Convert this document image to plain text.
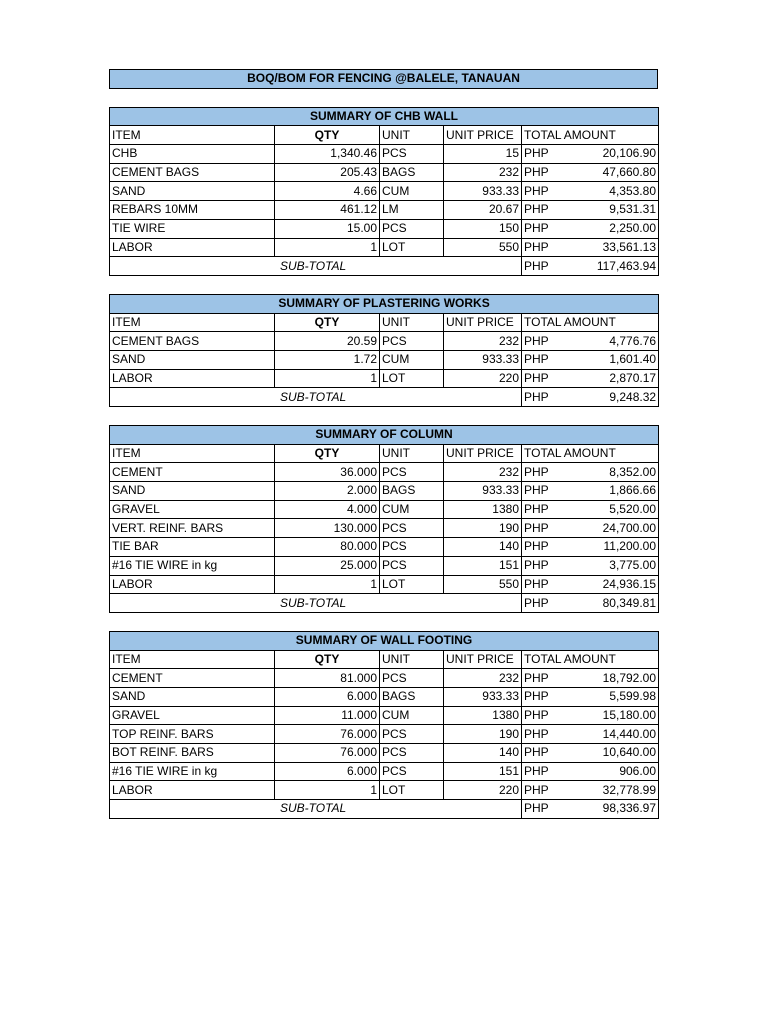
BOQ/BOM FOR FENCING @BALELE, TANAUAN
SUMMARY OF CHB WALL					
ITEM	QTY	UNIT	UNIT PRICE	TOTAL AMOUNT	
CHB	1,340.46	PCS	15	PHP	20,106.90
CEMENT BAGS	205.43	BAGS	232	PHP	47,660.80
SAND	4.66	CUM	933.33	PHP	4,353.80
REBARS 10MM	461.12	LM	20.67	PHP	9,531.31
TIE WIRE	15.00	PCS	150	PHP	2,250.00
LABOR	1	LOT	550	PHP	33,561.13
SUB-TOTAL				PHP	117,463.94
SUMMARY OF PLASTERING WORKS					
ITEM	QTY	UNIT	UNIT PRICE	TOTAL AMOUNT	
CEMENT BAGS	20.59	PCS	232	PHP	4,776.76
SAND	1.72	CUM	933.33	PHP	1,601.40
LABOR	1	LOT	220	PHP	2,870.17
SUB-TOTAL				PHP	9,248.32
SUMMARY OF COLUMN					
ITEM	QTY	UNIT	UNIT PRICE	TOTAL AMOUNT	
CEMENT	36.000	PCS	232	PHP	8,352.00
SAND	2.000	BAGS	933.33	PHP	1,866.66
GRAVEL	4.000	CUM	1380	PHP	5,520.00
VERT. REINF. BARS	130.000	PCS	190	PHP	24,700.00
TIE BAR	80.000	PCS	140	PHP	11,200.00
#16 TIE WIRE in kg	25.000	PCS	151	PHP	3,775.00
LABOR	1	LOT	550	PHP	24,936.15
SUB-TOTAL				PHP	80,349.81
SUMMARY OF WALL FOOTING					
ITEM	QTY	UNIT	UNIT PRICE	TOTAL AMOUNT	
CEMENT	81.000	PCS	232	PHP	18,792.00
SAND	6.000	BAGS	933.33	PHP	5,599.98
GRAVEL	11.000	CUM	1380	PHP	15,180.00
TOP REINF. BARS	76.000	PCS	190	PHP	14,440.00
BOT REINF. BARS	76.000	PCS	140	PHP	10,640.00
#16 TIE WIRE in kg	6.000	PCS	151	PHP	906.00
LABOR	1	LOT	220	PHP	32,778.99
SUB-TOTAL				PHP	98,336.97
